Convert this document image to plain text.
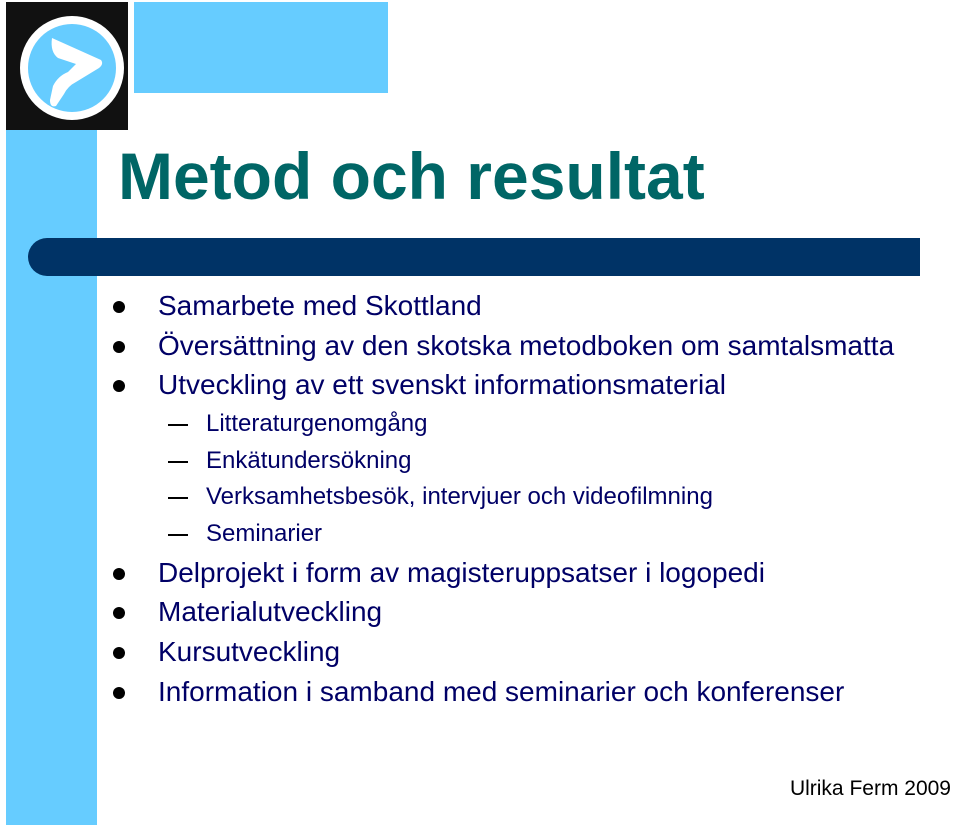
Metod och resultat
Samarbete med Skottland
Översättning av den skotska metodboken om samtalsmatta
Utveckling av ett svenskt informationsmaterial
Litteraturgenomgång
Enkätundersökning
Verksamhetsbesök, intervjuer och videofilmning
Seminarier
Delprojekt i form av magisteruppsatser i logopedi
Materialutveckling
Kursutveckling
Information i samband med seminarier och konferenser
Ulrika Ferm 2009
